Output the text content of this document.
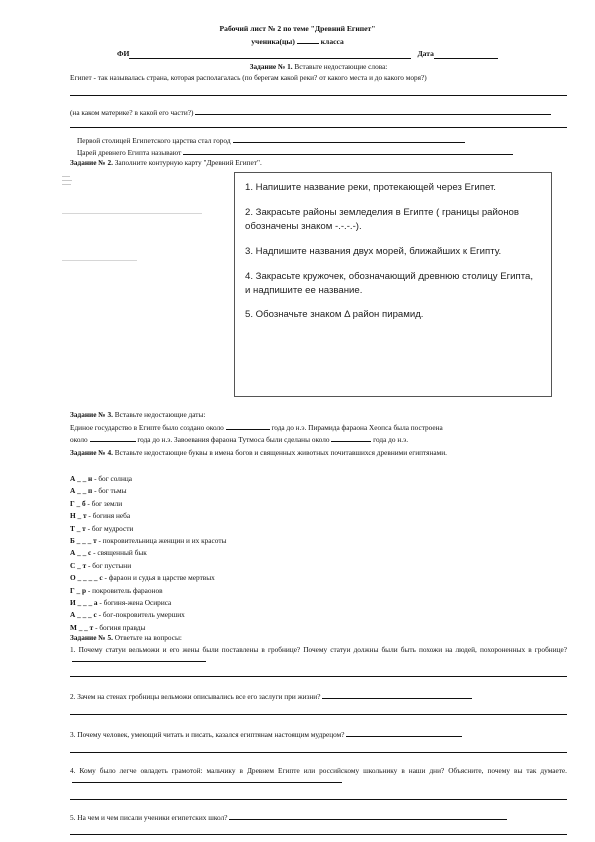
Рабочий лист № 2 по теме "Древний Египет"
ученика(цы)	класса
ФИ	Дата
Задание № 1. Вставьте недостающие слова:
Египет - так называлась страна, которая располагалась (по берегам какой реки? от какого места и до какого моря?)
(на каком материке? в какой его части?)
Первой столицей Египетского царства стал город
Царей древнего Египта называют
Задание № 2. Заполните контурную карту "Древний Египет".

1. Напишите название реки, протекающей через Египет.

2. Закрасьте районы земледелия в Египте ( границы районов обозначены знаком -.-.-.-).

3. Надпишите названия двух морей, ближайших к Египту.

4. Закрасьте кружочек, обозначающий древнюю столицу Египта, и надпишите ее название.

5. Обозначьте знаком Δ район пирамид.

Задание № 3. Вставьте недостающие даты:
Единое государство в Египте было создано около	года до н.э. Пирамида фараона Хеопса была построена
около	года до н.э. Завоевания фараона Тутмоса были сделаны около	года до н.э.
Задание № 4. Вставьте недостающие буквы в имена богов и священных животных почитавшихся древними египтянами.
А _ _ н - бог солнца
А _ _ п - бог тьмы
Г _ б - бог земли
Н _ т - богиня неба
Т _ т - бог мудрости
Б _ _ _ т - покровительница женщин и их красоты
А _ _ с - священный бык
С _ т - бог пустыни
О _ _ _ _ с - фараон и судья в царстве мертвых
Г _ р - покровитель фараонов
И _ _ _ а - богиня-жена Осириса
А _ _ _ с - бог-покровитель умерших
М _ _ т - богиня правды
Задание № 5. Ответьте на вопросы:
1. Почему статуи вельможи и его жены были поставлены в гробнице? Почему статуи должны были быть похожи на людей, похороненных в гробнице?
2. Зачем на стенах гробницы вельможи описывались все его заслуги при жизни?
3. Почему человек, умеющий читать и писать, казался египтянам настоящим мудрецом?
4. Кому было легче овладеть грамотой: мальчику в Древнем Египте или российскому школьнику в наши дни? Объясните, почему вы так думаете.
5. На чем и чем писали ученики египетских школ?
